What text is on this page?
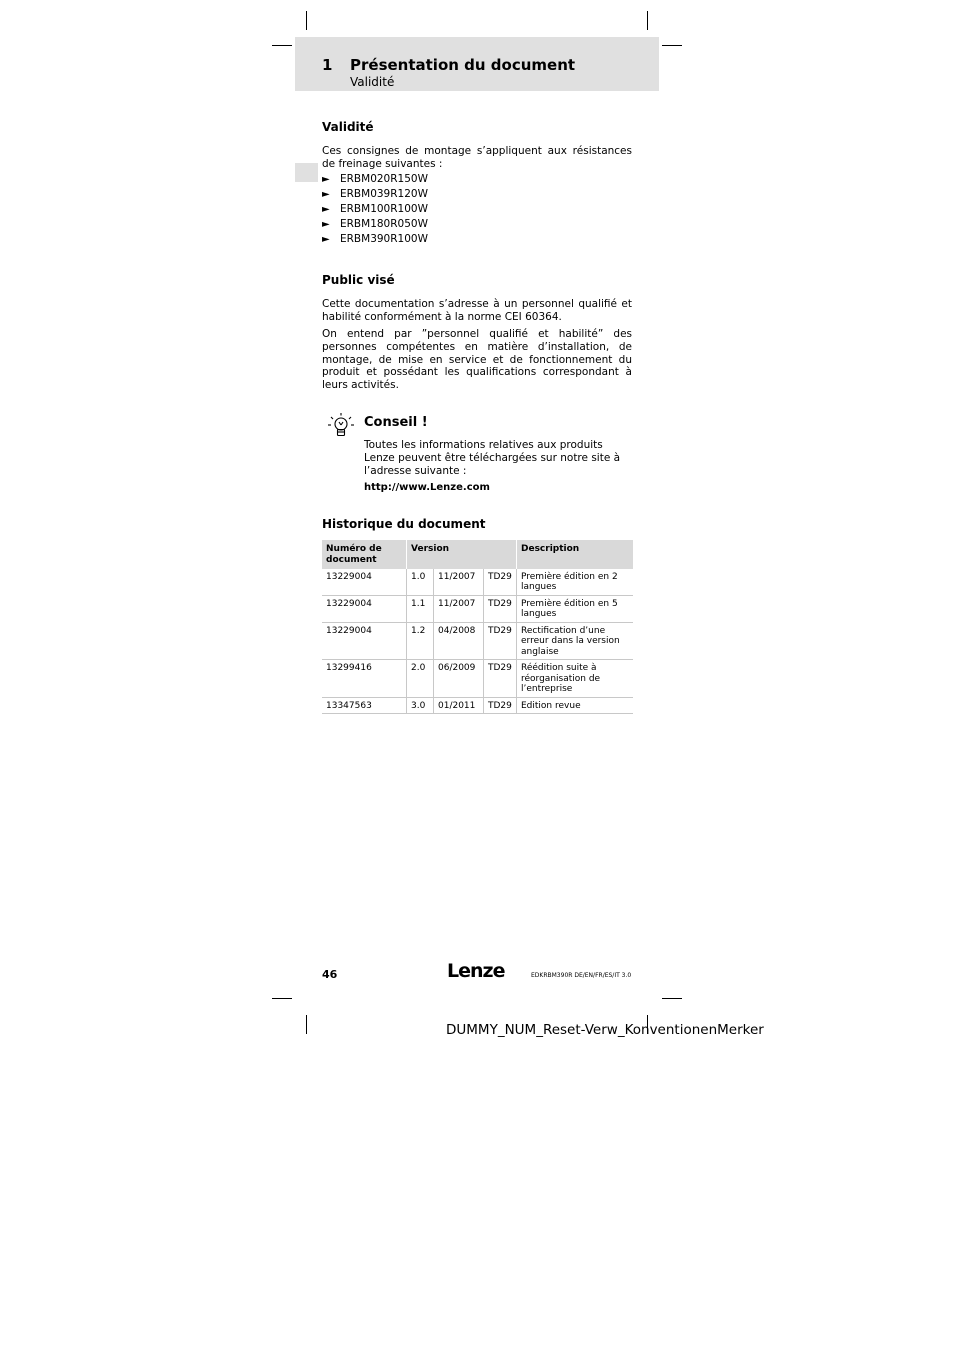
1 Présentation du document
Validité
Validité

Ces consignes de montage s’appliquent aux résistances de freinage suivantes :

► ERBM020R150W
► ERBM039R120W
► ERBM100R100W
► ERBM180R050W
► ERBM390R100W
Public visé

Cette documentation s’adresse à un personnel qualifié et habilité conformément à la norme CEI 60364.

On entend par ”personnel qualifié et habilité” des personnes compétentes en matière d’installation, de montage, de mise en service et de fonctionnement du produit et possédant les qualifications correspondant à leurs activités.

Conseil !

Toutes les informations relatives aux produits Lenze peuvent être téléchargées sur notre site à l’adresse suivante :

http://www.Lenze.com

Historique du document
Numéro de document	Version			Description
13229004	1.0	11/2007	TD29	Première édition en 2 langues
13229004	1.1	11/2007	TD29	Première édition en 5 langues
13229004	1.2	04/2008	TD29	Rectification d’une erreur dans la version anglaise
13299416	2.0	06/2009	TD29	Réédition suite à réorganisation de l’entreprise
13347563	3.0	01/2011	TD29	Edition revue
46	Lenze	EDKRBM390R DE/EN/FR/ES/IT 3.0
DUMMY_NUM_Reset-Verw_KonventionenMerker
